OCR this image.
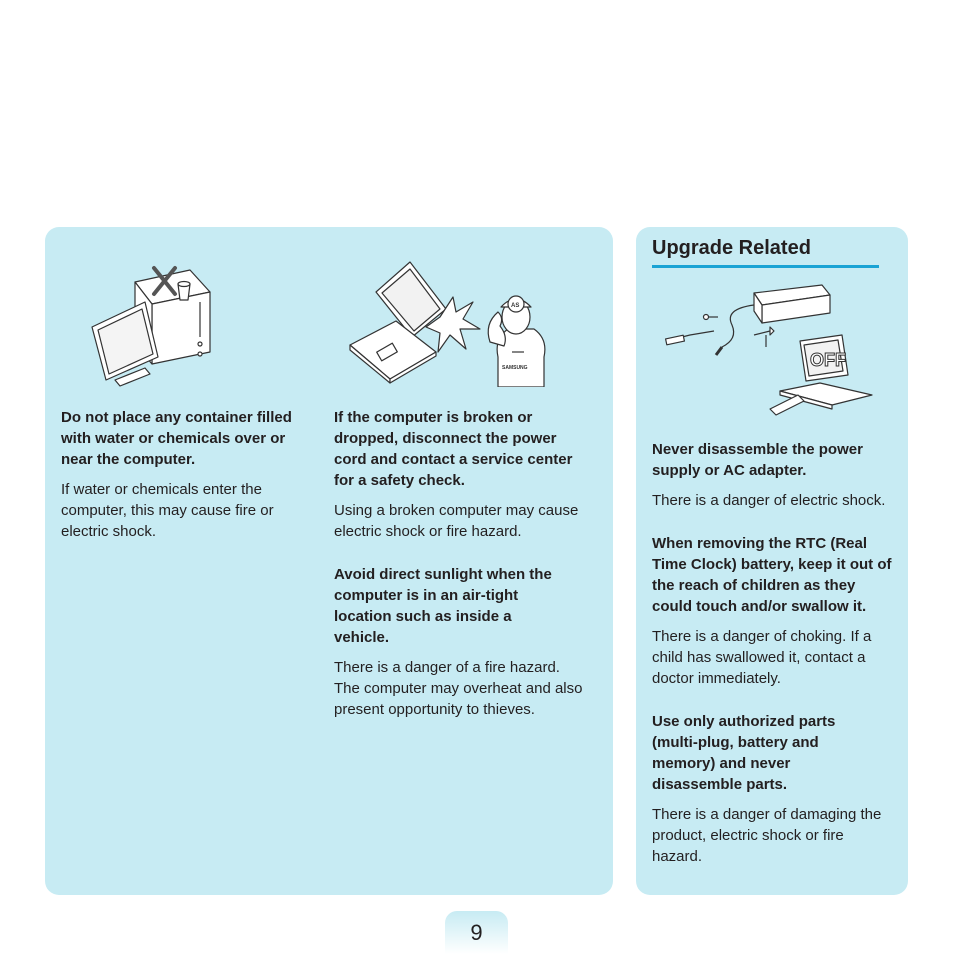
AS
SAMSUNG

Do not place any container filled with water or chemicals over or near the computer.

If water or chemicals enter the computer, this may cause fire or electric shock.

If the computer is broken or dropped, disconnect the power cord and contact a service center for a safety check.

Using a broken computer may cause electric shock or fire hazard.

Avoid direct sunlight when the computer is in an air-tight location such as inside a vehicle.

There is a danger of a fire hazard. The computer may overheat and also present opportunity to thieves.

Upgrade Related
OFF

Never disassemble the power supply or AC adapter.

There is a danger of electric shock.

When removing the RTC (Real Time Clock) battery, keep it out of the reach of children as they could touch and/or swallow it.

There is a danger of choking. If a child has swallowed it, contact a doctor immediately.

Use only authorized parts (multi-plug, battery and memory) and never disassemble parts.

There is a danger of damaging the product, electric shock or fire hazard.

9
